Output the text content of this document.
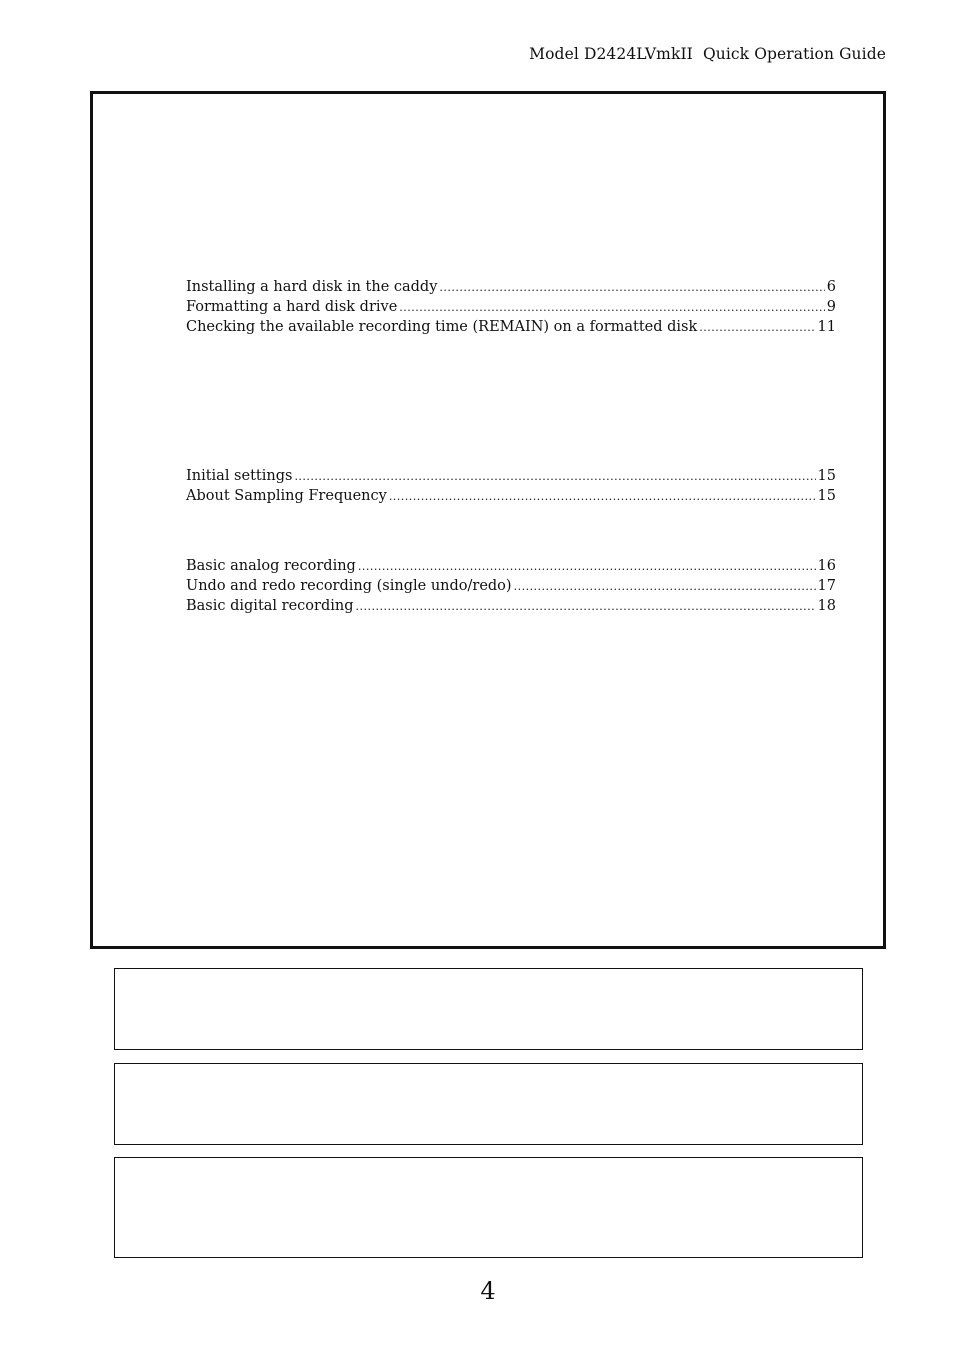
Model D2424LVmkII  Quick Operation Guide
Installing a hard disk in the caddy .....	6
Formatting a hard disk drive .....	9
Checking the available recording time (REMAIN) on a formatted disk .....	11
Initial settings .....	15
About Sampling Frequency .....	15
Basic analog recording .....	16
Undo and redo recording (single undo/redo) .....	17
Basic digital recording .....	18
4
